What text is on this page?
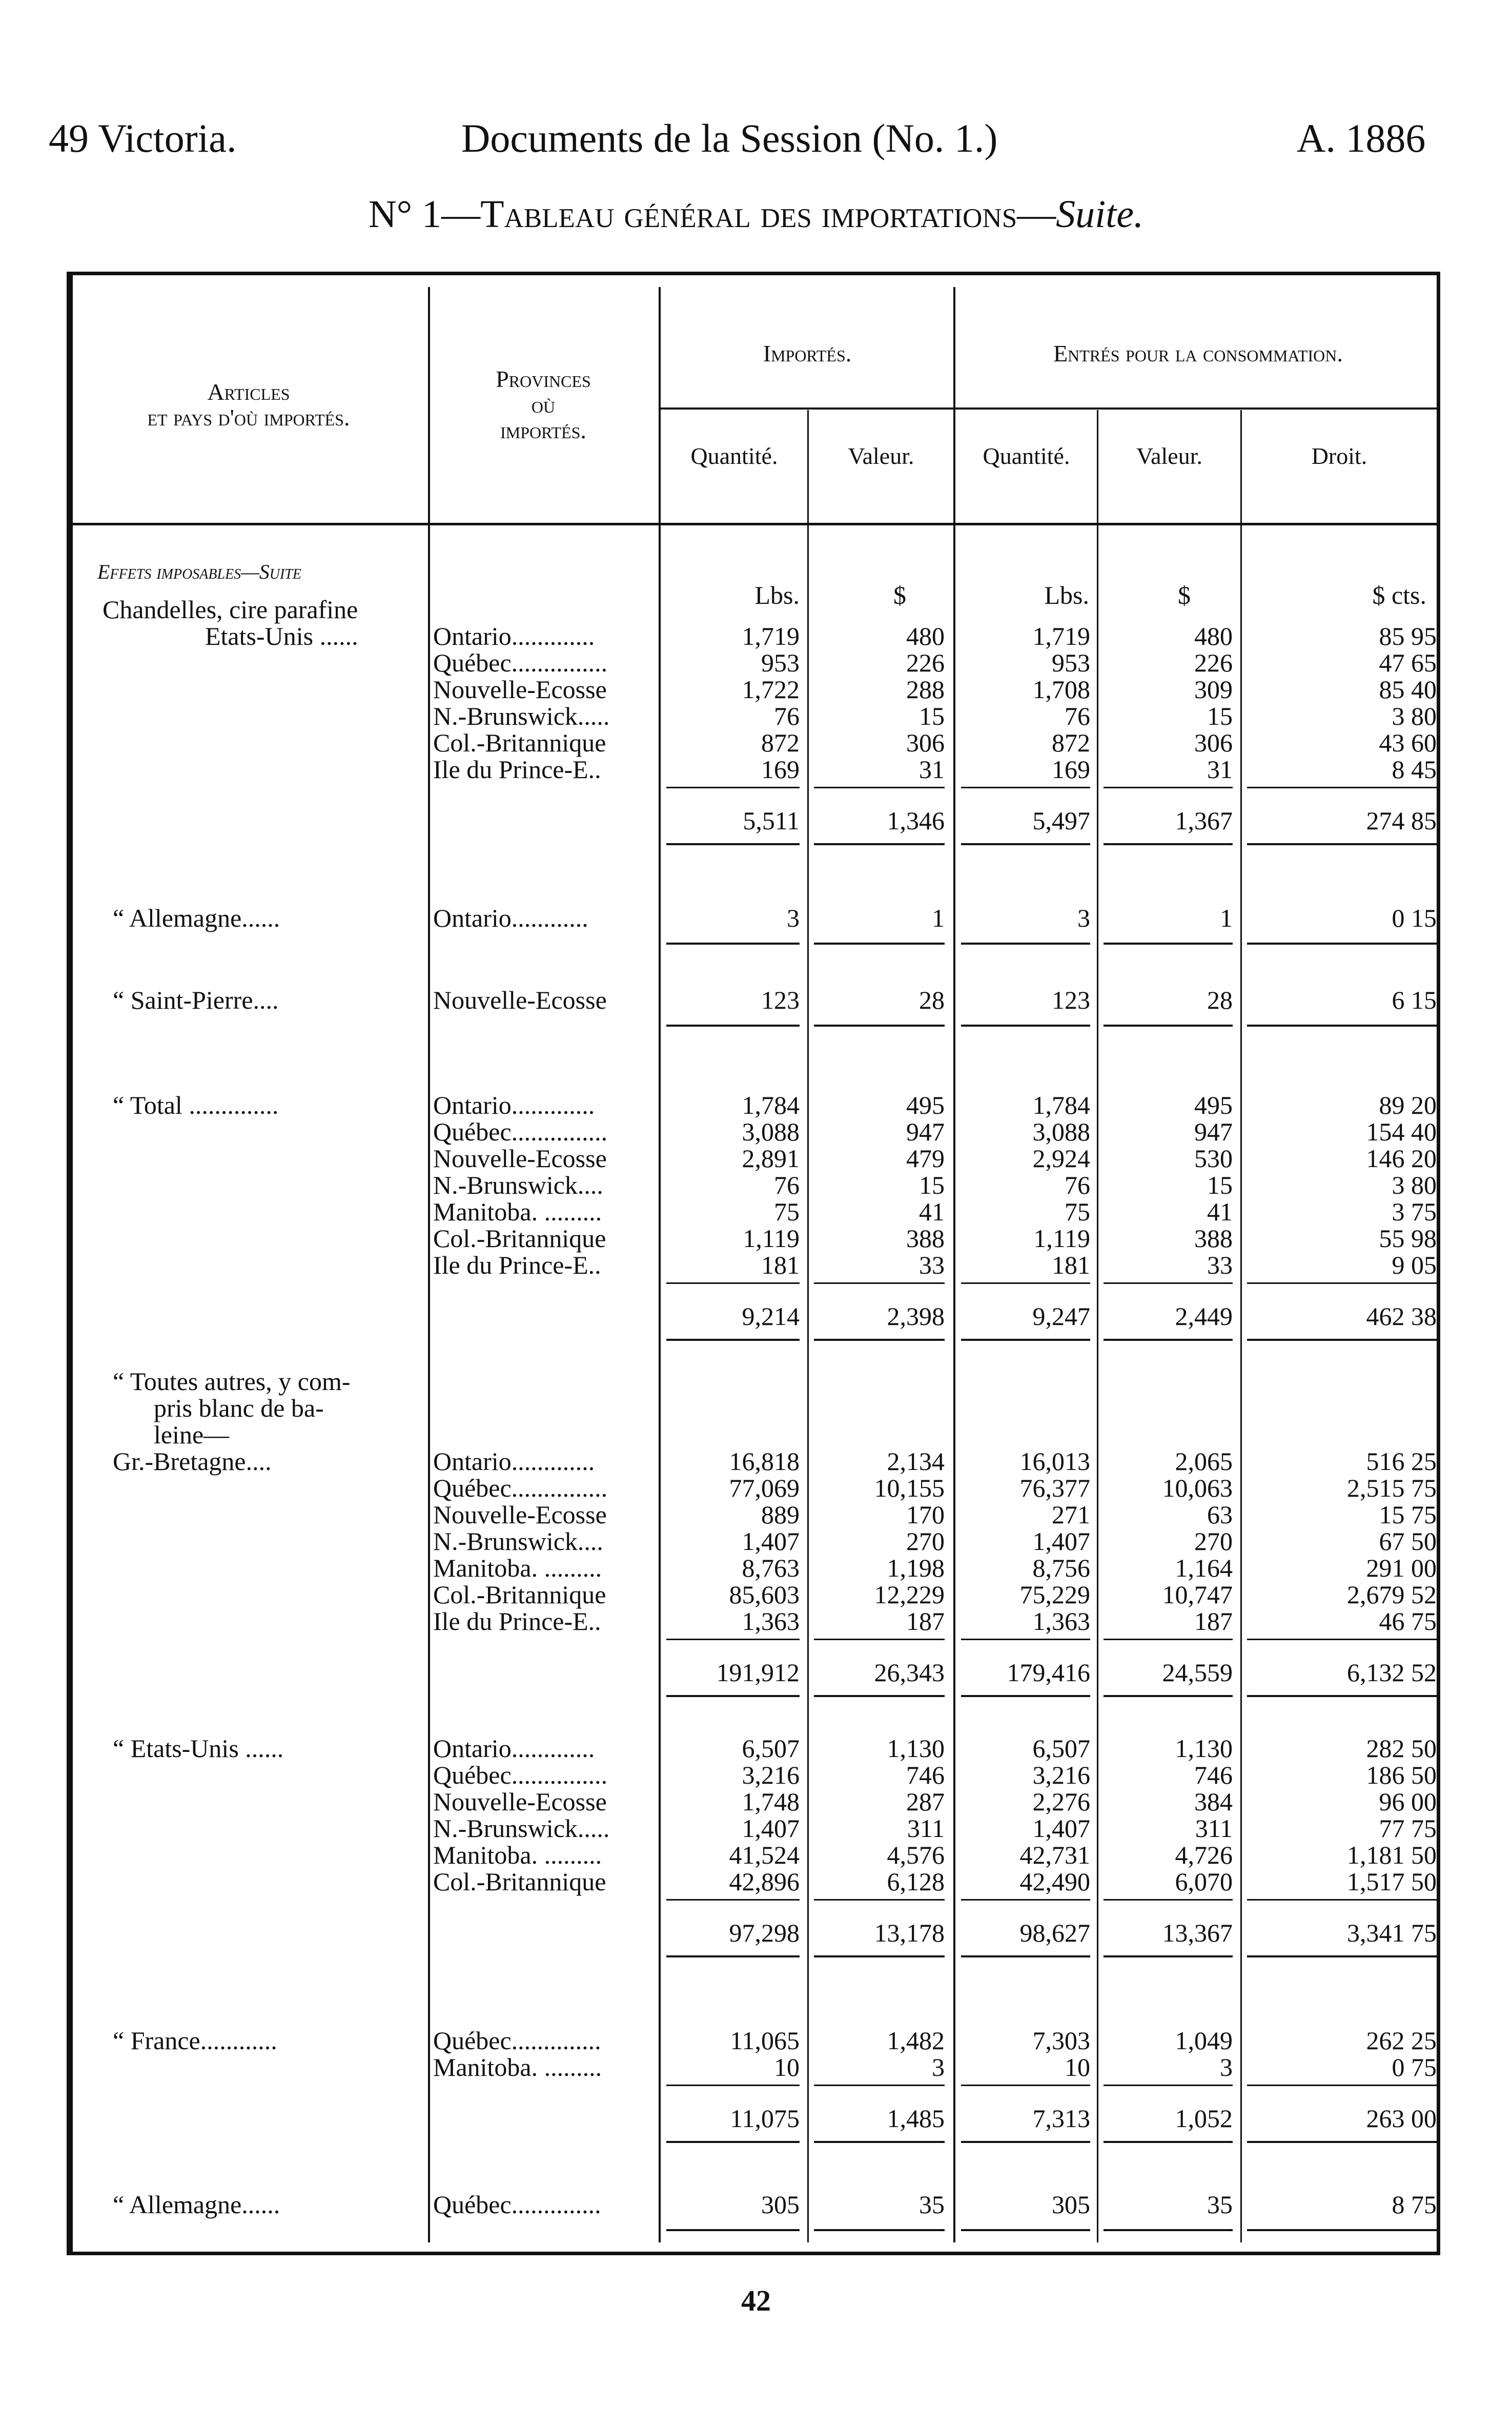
49 Victoria.	Documents de la Session (No. 1.)	A. 1886
N° 1—Tableau général des importations—Suite.
Articles
et pays d'où importés.
Provinces
où
importés.
Importés.	Entrés pour la consommation.
Quantité.	Valeur.	Quantité.	Valeur.	Droit.
Effets imposables—Suite
Lbs.	$	Lbs.	$	$ cts.
Chandelles, cire parafine
Etats-Unis ......	Ontario.............	1,719	480	1,719	480	85 95
Québec...............	953	226	953	226	47 65
Nouvelle-Ecosse	1,722	288	1,708	309	85 40
N.-Brunswick.....	76	15	76	15	3 80
Col.-Britannique	872	306	872	306	43 60
Ile du Prince-E..	169	31	169	31	8 45
5,511	1,346	5,497	1,367	274 85
“ Allemagne......	Ontario............	3	1	3	1	0 15
“ Saint-Pierre....	Nouvelle-Ecosse	123	28	123	28	6 15
“ Total ..............	Ontario.............	1,784	495	1,784	495	89 20
Québec...............	3,088	947	3,088	947	154 40
Nouvelle-Ecosse	2,891	479	2,924	530	146 20
N.-Brunswick....	76	15	76	15	3 80
Manitoba. .........	75	41	75	41	3 75
Col.-Britannique	1,119	388	1,119	388	55 98
Ile du Prince-E..	181	33	181	33	9 05
9,214	2,398	9,247	2,449	462 38
“ Toutes autres, y com-
pris blanc de ba-
leine—
Gr.-Bretagne....	Ontario.............	16,818	2,134	16,013	2,065	516 25
Québec...............	77,069	10,155	76,377	10,063	2,515 75
Nouvelle-Ecosse	889	170	271	63	15 75
N.-Brunswick....	1,407	270	1,407	270	67 50
Manitoba. .........	8,763	1,198	8,756	1,164	291 00
Col.-Britannique	85,603	12,229	75,229	10,747	2,679 52
Ile du Prince-E..	1,363	187	1,363	187	46 75
191,912	26,343	179,416	24,559	6,132 52
“ Etats-Unis ......	Ontario.............	6,507	1,130	6,507	1,130	282 50
Québec...............	3,216	746	3,216	746	186 50
Nouvelle-Ecosse	1,748	287	2,276	384	96 00
N.-Brunswick.....	1,407	311	1,407	311	77 75
Manitoba. .........	41,524	4,576	42,731	4,726	1,181 50
Col.-Britannique	42,896	6,128	42,490	6,070	1,517 50
97,298	13,178	98,627	13,367	3,341 75
“ France............	Québec..............	11,065	1,482	7,303	1,049	262 25
Manitoba. .........	10	3	10	3	0 75
11,075	1,485	7,313	1,052	263 00
“ Allemagne......	Québec..............	305	35	305	35	8 75
42
